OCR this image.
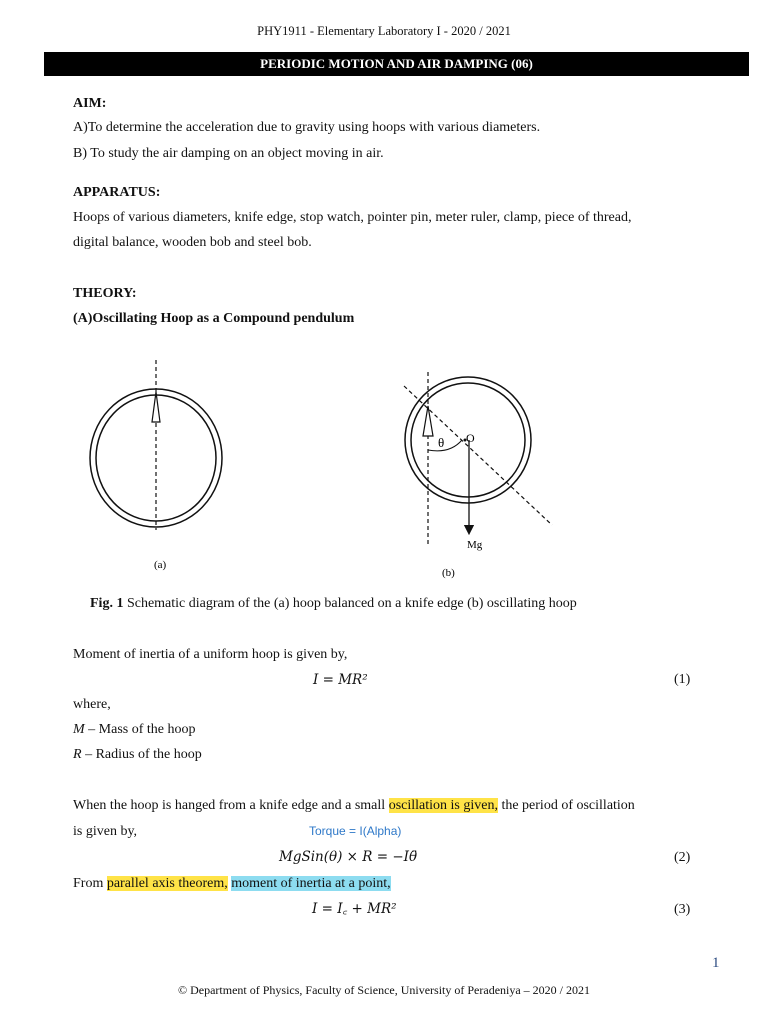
PHY1911 - Elementary Laboratory I - 2020 / 2021
PERIODIC MOTION AND AIR DAMPING (06)
AIM:
A)To determine the acceleration due to gravity using hoops with various diameters.
B) To study the air damping on an object moving in air.
APPARATUS:
Hoops of various diameters, knife edge, stop watch, pointer pin, meter ruler, clamp, piece of thread,
digital balance, wooden bob and steel bob.
THEORY:
(A)Oscillating Hoop as a Compound pendulum
θ O
Mg
(a)
(b)
Fig. 1 Schematic diagram of the (a) hoop balanced on a knife edge (b) oscillating hoop
Moment of inertia of a uniform hoop is given by,
I = MR²	(1)
where,
M – Mass of the hoop
R – Radius of the hoop
When the hoop is hanged from a knife edge and a small oscillation is given, the period of oscillation
is given by,	Torque = I(Alpha)
MgSin(θ) × R = −Iθ̈	(2)
From parallel axis theorem, moment of inertia at a point,
I = I꜀ + MR²	(3)
1
© Department of Physics, Faculty of Science, University of Peradeniya – 2020 / 2021
